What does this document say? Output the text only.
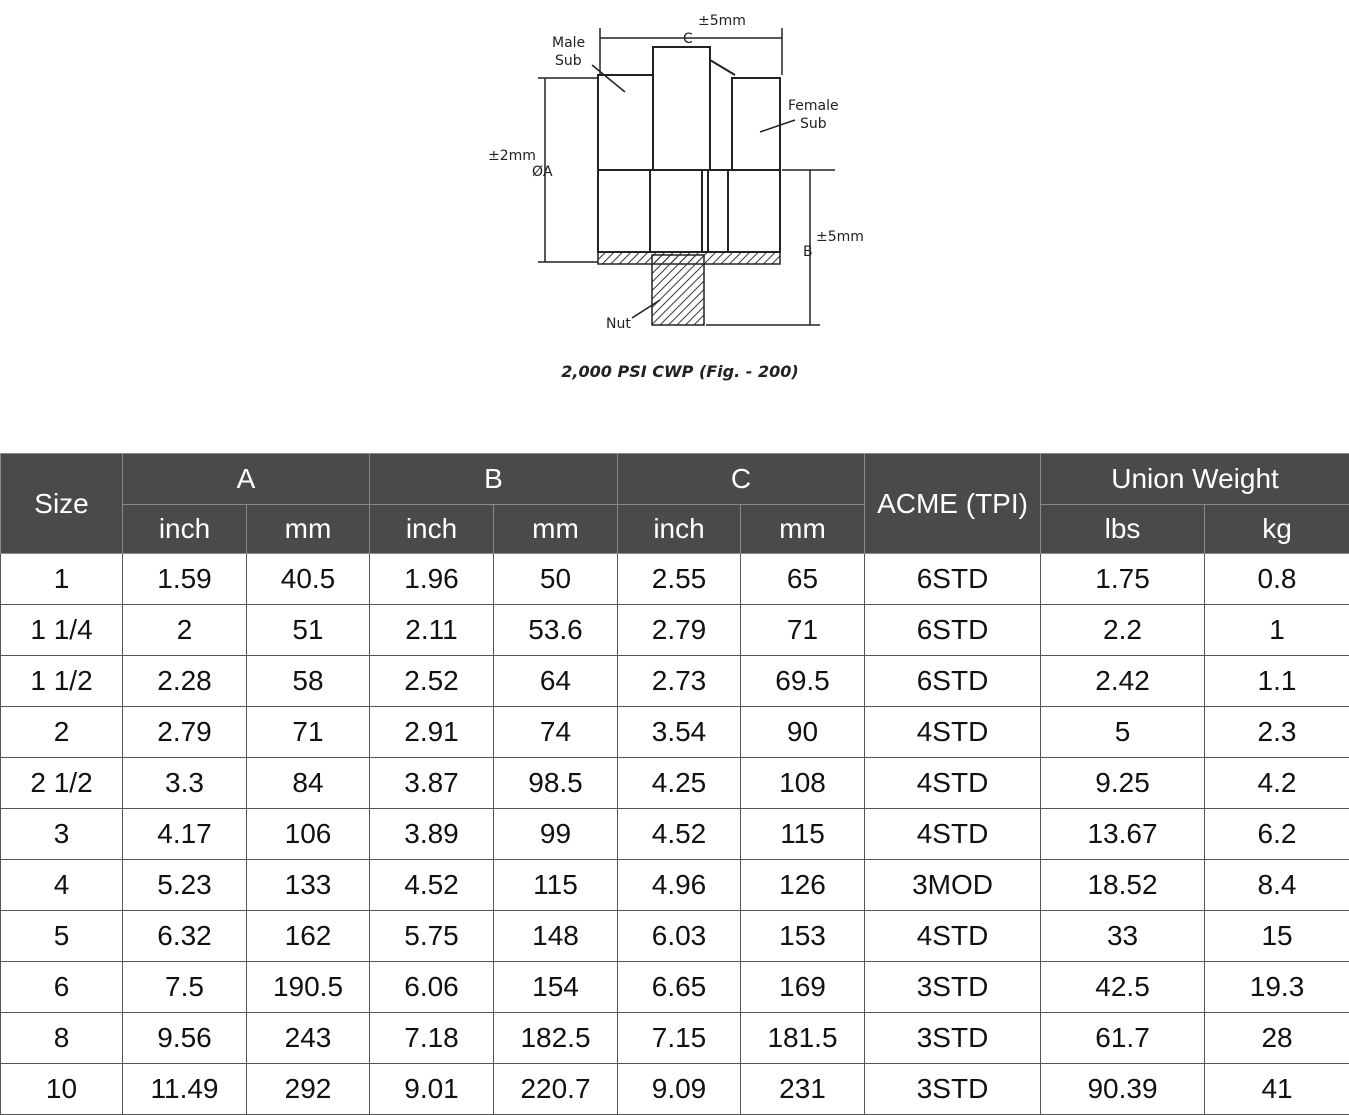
Male
Sub
Female
Sub
±5mm
C
±2mm
ØA
±5mm
B
Nut
2,000 PSI CWP (Fig. - 200)
Size	A		B		C		ACME (TPI)	Union Weight	
	inch	mm	inch	mm	inch	mm		lbs	kg
1	1.59	40.5	1.96	50	2.55	65	6STD	1.75	0.8
1 1/4	2	51	2.11	53.6	2.79	71	6STD	2.2	1
1 1/2	2.28	58	2.52	64	2.73	69.5	6STD	2.42	1.1
2	2.79	71	2.91	74	3.54	90	4STD	5	2.3
2 1/2	3.3	84	3.87	98.5	4.25	108	4STD	9.25	4.2
3	4.17	106	3.89	99	4.52	115	4STD	13.67	6.2
4	5.23	133	4.52	115	4.96	126	3MOD	18.52	8.4
5	6.32	162	5.75	148	6.03	153	4STD	33	15
6	7.5	190.5	6.06	154	6.65	169	3STD	42.5	19.3
8	9.56	243	7.18	182.5	7.15	181.5	3STD	61.7	28
10	11.49	292	9.01	220.7	9.09	231	3STD	90.39	41
